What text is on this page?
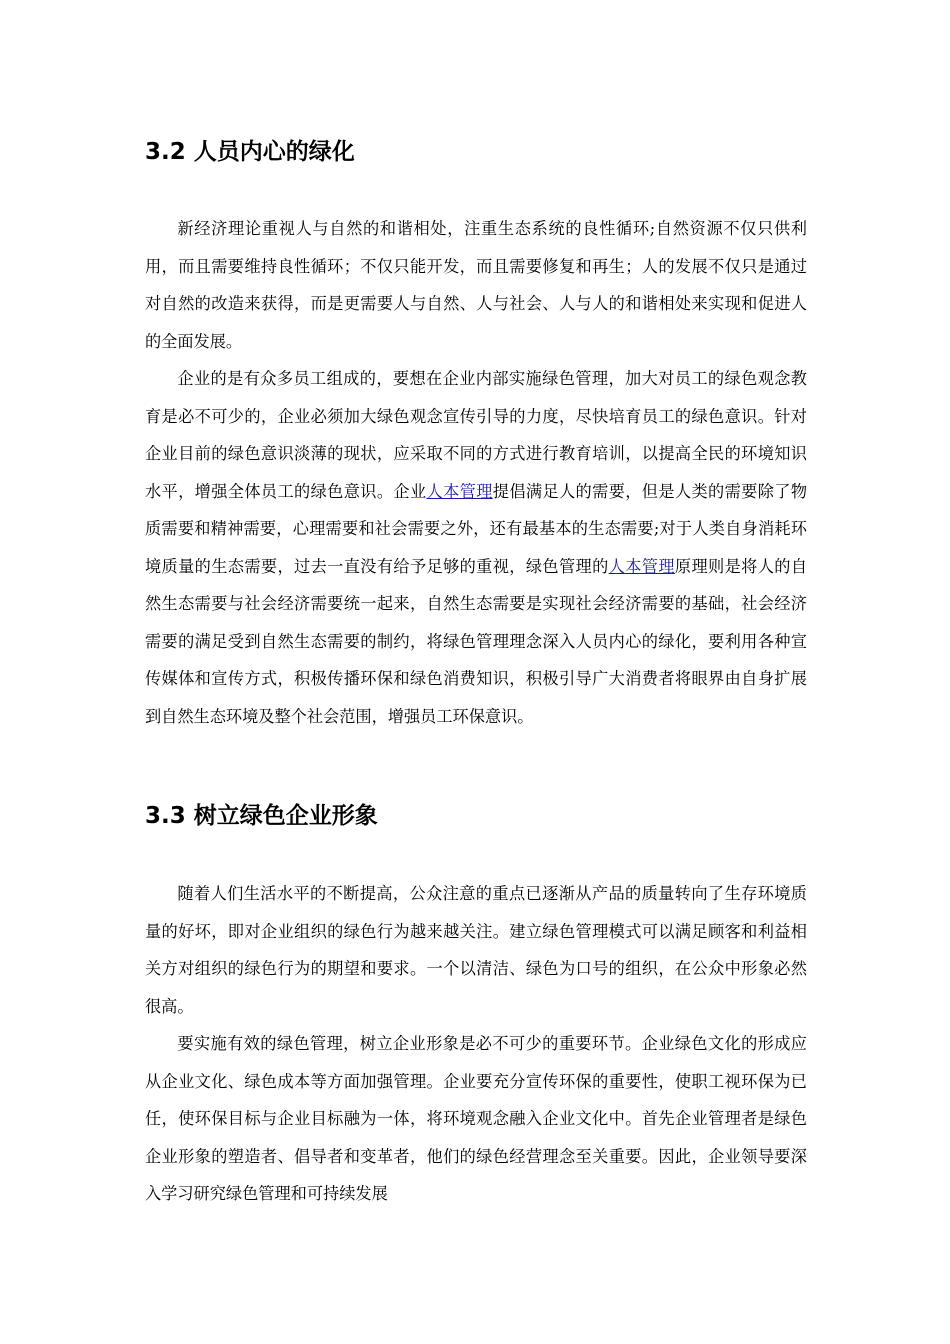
3.2 人员内心的绿化

新经济理论重视人与自然的和谐相处，注重生态系统的良性循环;自然资源不仅只供利用，而且需要维持良性循环；不仅只能开发，而且需要修复和再生；人的发展不仅只是通过对自然的改造来获得，而是更需要人与自然、人与社会、人与人的和谐相处来实现和促进人的全面发展。

企业的是有众多员工组成的，要想在企业内部实施绿色管理，加大对员工的绿色观念教育是必不可少的，企业必须加大绿色观念宣传引导的力度，尽快培育员工的绿色意识。针对企业目前的绿色意识淡薄的现状，应采取不同的方式进行教育培训，以提高全民的环境知识水平，增强全体员工的绿色意识。企业人本管理提倡满足人的需要，但是人类的需要除了物质需要和精神需要，心理需要和社会需要之外，还有最基本的生态需要;对于人类自身消耗环境质量的生态需要，过去一直没有给予足够的重视，绿色管理的人本管理原理则是将人的自然生态需要与社会经济需要统一起来，自然生态需要是实现社会经济需要的基础，社会经济需要的满足受到自然生态需要的制约，将绿色管理理念深入人员内心的绿化，要利用各种宣传媒体和宣传方式，积极传播环保和绿色消费知识，积极引导广大消费者将眼界由自身扩展到自然生态环境及整个社会范围，增强员工环保意识。

3.3 树立绿色企业形象

随着人们生活水平的不断提高，公众注意的重点已逐渐从产品的质量转向了生存环境质量的好坏，即对企业组织的绿色行为越来越关注。建立绿色管理模式可以满足顾客和利益相关方对组织的绿色行为的期望和要求。一个以清洁、绿色为口号的组织，在公众中形象必然很高。

要实施有效的绿色管理，树立企业形象是必不可少的重要环节。企业绿色文化的形成应从企业文化、绿色成本等方面加强管理。企业要充分宣传环保的重要性，使职工视环保为已任，使环保目标与企业目标融为一体，将环境观念融入企业文化中。首先企业管理者是绿色企业形象的塑造者、倡导者和变革者，他们的绿色经营理念至关重要。因此，企业领导要深入学习研究绿色管理和可持续发展
